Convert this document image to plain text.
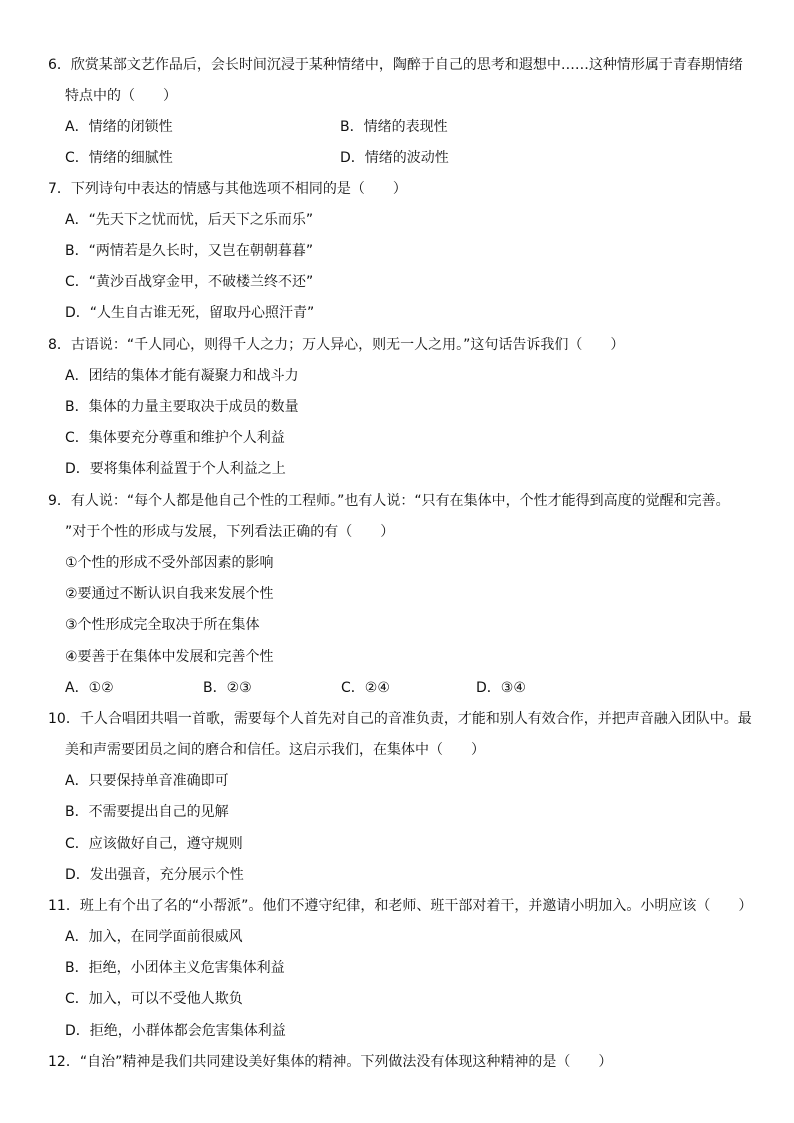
6．欣赏某部文艺作品后，会长时间沉浸于某种情绪中，陶醉于自己的思考和遐想中……这种情形属于青春期情绪
特点中的（　　）
A．情绪的闭锁性	B．情绪的表现性
C．情绪的细腻性	D．情绪的波动性
7．下列诗句中表达的情感与其他选项不相同的是（　　）
A．“先天下之忧而忧，后天下之乐而乐”
B．“两情若是久长时，又岂在朝朝暮暮”
C．“黄沙百战穿金甲，不破楼兰终不还”
D．“人生自古谁无死，留取丹心照汗青”
8．古语说：“千人同心，则得千人之力；万人异心，则无一人之用。”这句话告诉我们（　　）
A．团结的集体才能有凝聚力和战斗力
B．集体的力量主要取决于成员的数量
C．集体要充分尊重和维护个人利益
D．要将集体利益置于个人利益之上
9．有人说：“每个人都是他自己个性的工程师。”也有人说：“只有在集体中，个性才能得到高度的觉醒和完善。
”对于个性的形成与发展，下列看法正确的有（　　）
①个性的形成不受外部因素的影响
②要通过不断认识自我来发展个性
③个性形成完全取决于所在集体
④要善于在集体中发展和完善个性
A．①②	B．②③	C．②④	D．③④
10．千人合唱团共唱一首歌，需要每个人首先对自己的音准负责，才能和别人有效合作，并把声音融入团队中。最
美和声需要团员之间的磨合和信任。这启示我们，在集体中（　　）
A．只要保持单音准确即可
B．不需要提出自己的见解
C．应该做好自己，遵守规则
D．发出强音，充分展示个性
11．班上有个出了名的“小帮派”。他们不遵守纪律，和老师、班干部对着干，并邀请小明加入。小明应该（　　）
A．加入，在同学面前很威风
B．拒绝，小团体主义危害集体利益
C．加入，可以不受他人欺负
D．拒绝，小群体都会危害集体利益
12．“自治”精神是我们共同建设美好集体的精神。下列做法没有体现这种精神的是（　　）
